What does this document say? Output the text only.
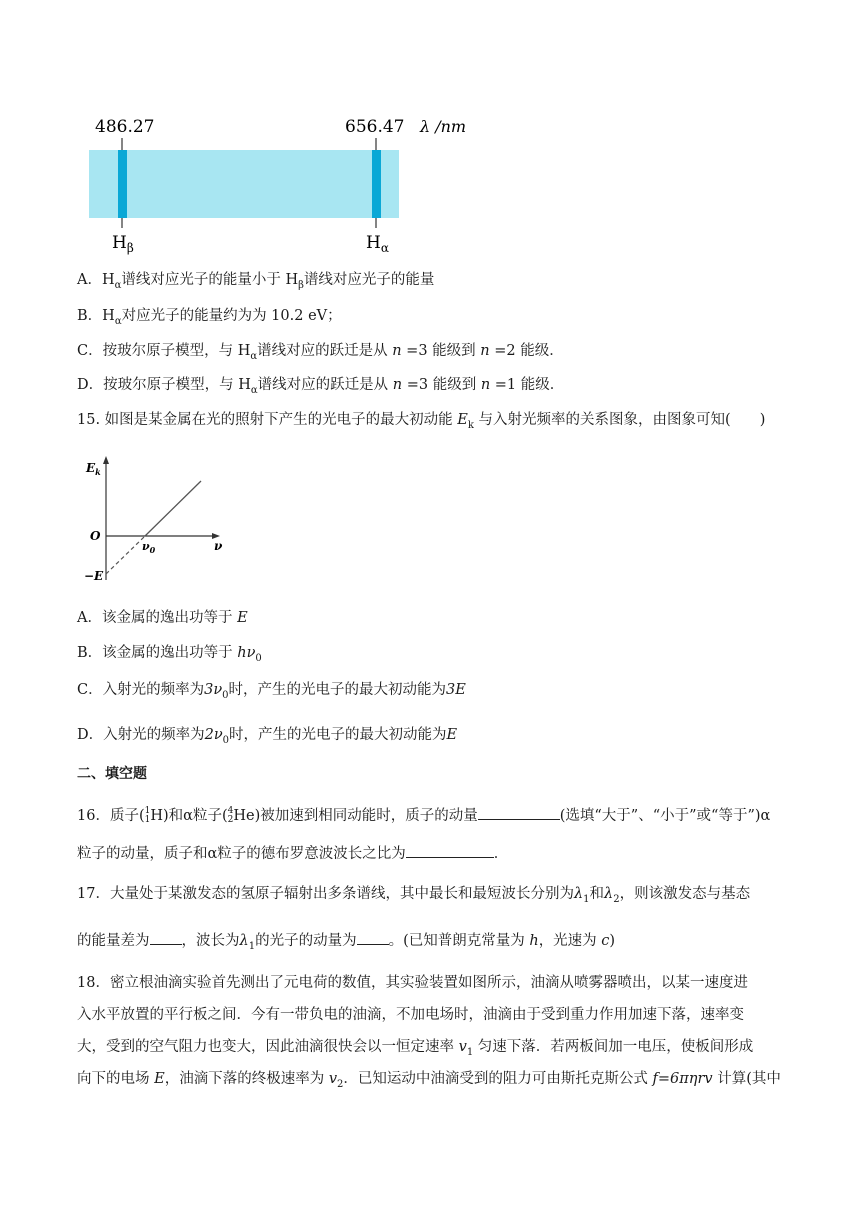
486.27	656.47 λ /nm
$H_\beta$	$H_\alpha$
A．$H_\alpha$谱线对应光子的能量小于 $H_\beta$谱线对应光子的能量
B．$H_\alpha$对应光子的能量约为为 10.2 eV；
C．按玻尔原子模型，与 $H_\alpha$谱线对应的跃迁是从 n =3 能级到 n =2 能级．
D．按玻尔原子模型，与 $H_\alpha$谱线对应的跃迁是从 n =3 能级到 n =1 能级．
15. 如图是某金属在光的照射下产生的光电子的最大初动能 $E_k$ 与入射光频率的关系图象，由图象可知(　　)
$E_k$
O
ν
$\nu_0$
−E
A．该金属的逸出功等于 E
B．该金属的逸出功等于 $h\nu_0$
C．入射光的频率为$3\nu_0$时，产生的光电子的最大初动能为3E
D．入射光的频率为$2\nu_0$时，产生的光电子的最大初动能为E
二、填空题
16．质子( 1
1 H)和α粒子( 4
2 He)被加速到相同动能时，质子的动量	(选填“大于”、“小于”或“等于”)α
粒子的动量，质子和α粒子的德布罗意波波长之比为	．
17．大量处于某激发态的氢原子辐射出多条谱线，其中最长和最短波长分别为$\lambda_1$和$\lambda_2$，则该激发态与基态
的能量差为 ，波长为$\lambda_1$的光子的动量为 。(已知普朗克常量为 h，光速为 c)
18．密立根油滴实验首先测出了元电荷的数值，其实验装置如图所示，油滴从喷雾器喷出，以某一速度进
入水平放置的平行板之间．今有一带负电的油滴，不加电场时，油滴由于受到重力作用加速下落，速率变
大，受到的空气阻力也变大，因此油滴很快会以一恒定速率 $v_1$ 匀速下落．若两板间加一电压，使板间形成
向下的电场 E，油滴下落的终极速率为 $v_2$．已知运动中油滴受到的阻力可由斯托克斯公式 f=6πηrv 计算(其中
